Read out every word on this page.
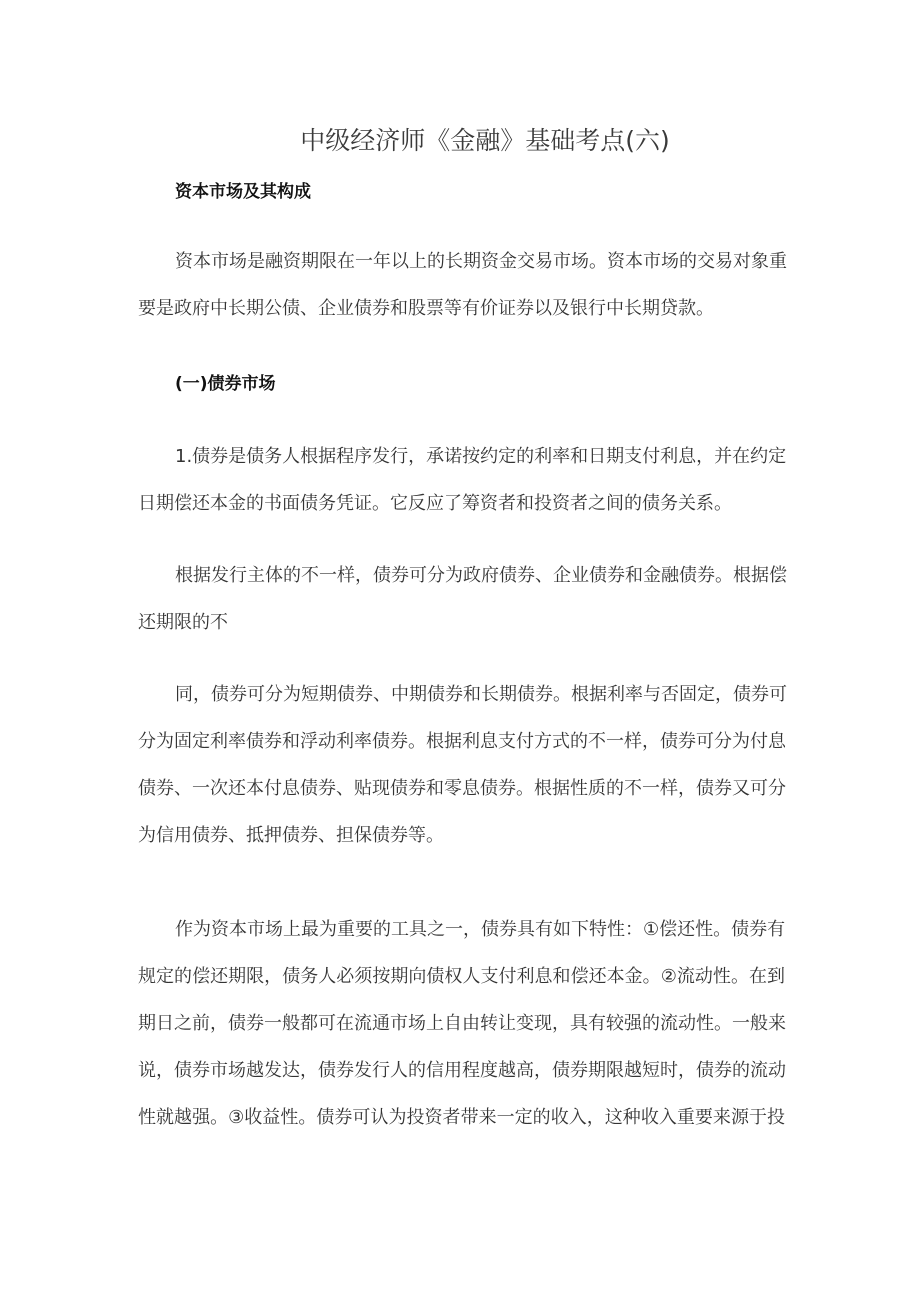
中级经济师《金融》基础考点(六)
资本市场及其构成
(一)债券市场
资本市场是融资期限在一年以上的长期资金交易市场。资本市场的交易对象重
要是政府中长期公债、企业债券和股票等有价证券以及银行中长期贷款。
1.债券是债务人根据程序发行，承诺按约定的利率和日期支付利息，并在约定
日期偿还本金的书面债务凭证。它反应了筹资者和投资者之间的债务关系。
根据发行主体的不一样，债券可分为政府债券、企业债券和金融债券。根据偿
还期限的不
同，债券可分为短期债券、中期债券和长期债券。根据利率与否固定，债券可
分为固定利率债券和浮动利率债券。根据利息支付方式的不一样，债券可分为付息
债券、一次还本付息债券、贴现债券和零息债券。根据性质的不一样，债券又可分
为信用债券、抵押债券、担保债券等。
作为资本市场上最为重要的工具之一，债券具有如下特性：①偿还性。债券有
规定的偿还期限，债务人必须按期向债权人支付利息和偿还本金。②流动性。在到
期日之前，债券一般都可在流通市场上自由转让变现，具有较强的流动性。一般来
说，债券市场越发达，债券发行人的信用程度越高，债券期限越短时，债券的流动
性就越强。③收益性。债券可认为投资者带来一定的收入，这种收入重要来源于投
